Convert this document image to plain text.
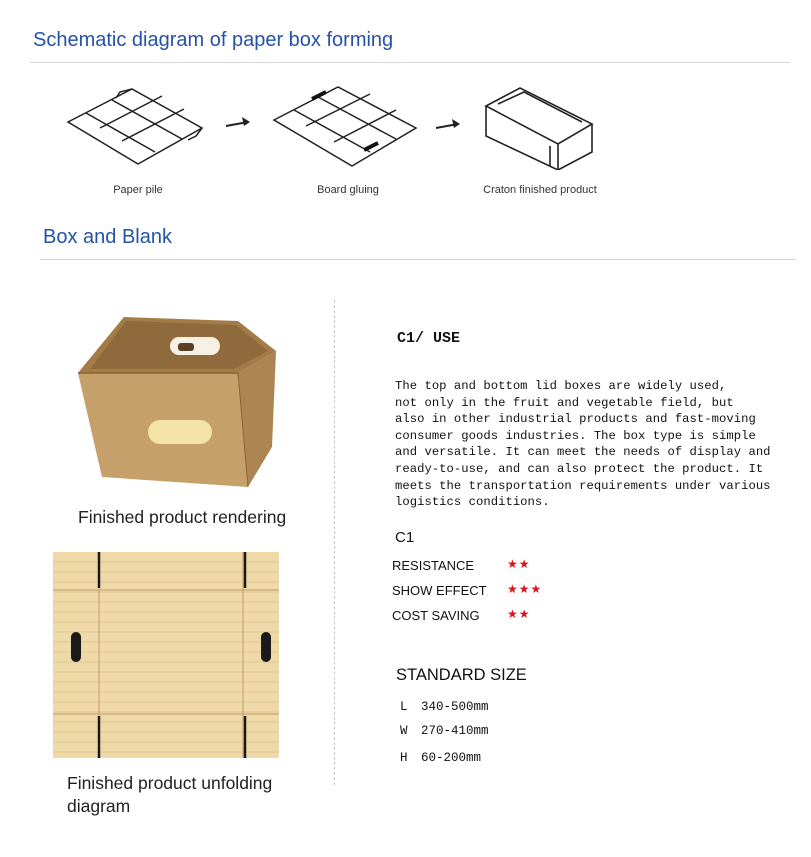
Schematic diagram of paper box forming
Paper pile	Board gluing	Craton finished product
Box and Blank
Finished product rendering
Finished product unfolding diagram
C1/ USE
The top and bottom lid boxes are widely used,
not only in the fruit and vegetable field, but
also in other industrial products and fast-moving
consumer goods industries. The box type is simple
and versatile. It can meet the needs of display and
ready-to-use, and can also protect the product. It
meets the transportation requirements under various
logistics conditions.
C1
RESISTANCE	★★
SHOW EFFECT ★★★
COST SAVING ★★
STANDARD SIZE
L 340-500mm
W 270-410mm
H 60-200mm
